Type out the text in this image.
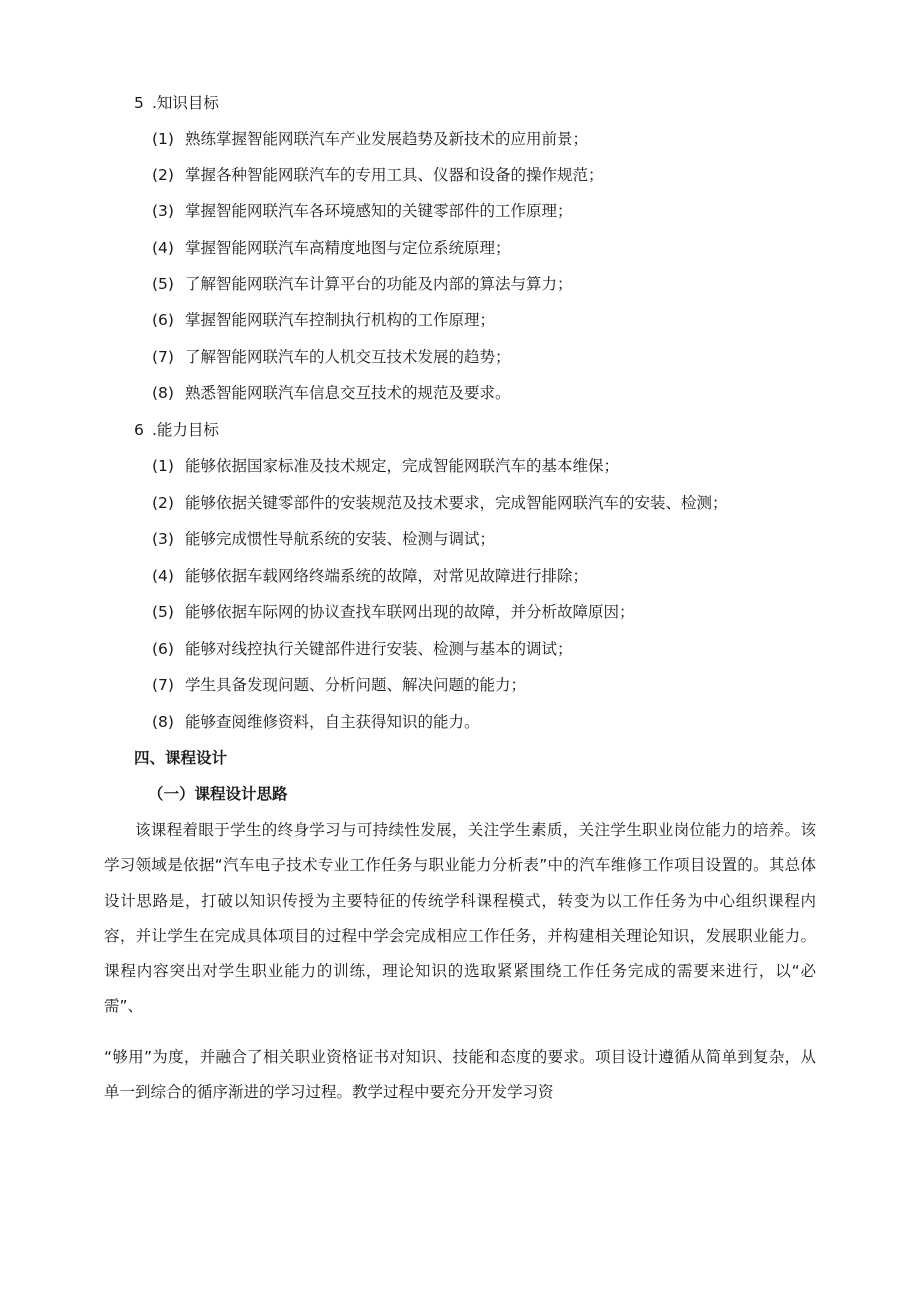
5 .知识目标
(1) 熟练掌握智能网联汽车产业发展趋势及新技术的应用前景；
(2) 掌握各种智能网联汽车的专用工具、仪器和设备的操作规范；
(3) 掌握智能网联汽车各环境感知的关键零部件的工作原理；
(4) 掌握智能网联汽车高精度地图与定位系统原理；
(5) 了解智能网联汽车计算平台的功能及内部的算法与算力；
(6) 掌握智能网联汽车控制执行机构的工作原理；
(7) 了解智能网联汽车的人机交互技术发展的趋势；
(8) 熟悉智能网联汽车信息交互技术的规范及要求。
6 .能力目标
(1) 能够依据国家标准及技术规定，完成智能网联汽车的基本维保；
(2) 能够依据关键零部件的安装规范及技术要求，完成智能网联汽车的安装、检测；
(3) 能够完成惯性导航系统的安装、检测与调试；
(4) 能够依据车载网络终端系统的故障，对常见故障进行排除；
(5) 能够依据车际网的协议查找车联网出现的故障，并分析故障原因；
(6) 能够对线控执行关键部件进行安装、检测与基本的调试；
(7) 学生具备发现问题、分析问题、解决问题的能力；
(8) 能够查阅维修资料，自主获得知识的能力。
四、课程设计
（一）课程设计思路
该课程着眼于学生的终身学习与可持续性发展，关注学生素质，关注学生职业岗位能力的培养。该学习领域是依据“汽车电子技术专业工作任务与职业能力分析表”中的汽车维修工作项目设置的。其总体设计思路是，打破以知识传授为主要特征的传统学科课程模式，转变为以工作任务为中心组织课程内容，并让学生在完成具体项目的过程中学会完成相应工作任务，并构建相关理论知识，发展职业能力。课程内容突出对学生职业能力的训练，理论知识的选取紧紧围绕工作任务完成的需要来进行，以“必需”、
“够用”为度，并融合了相关职业资格证书对知识、技能和态度的要求。项目设计遵循从简单到复杂，从单一到综合的循序渐进的学习过程。教学过程中要充分开发学习资
